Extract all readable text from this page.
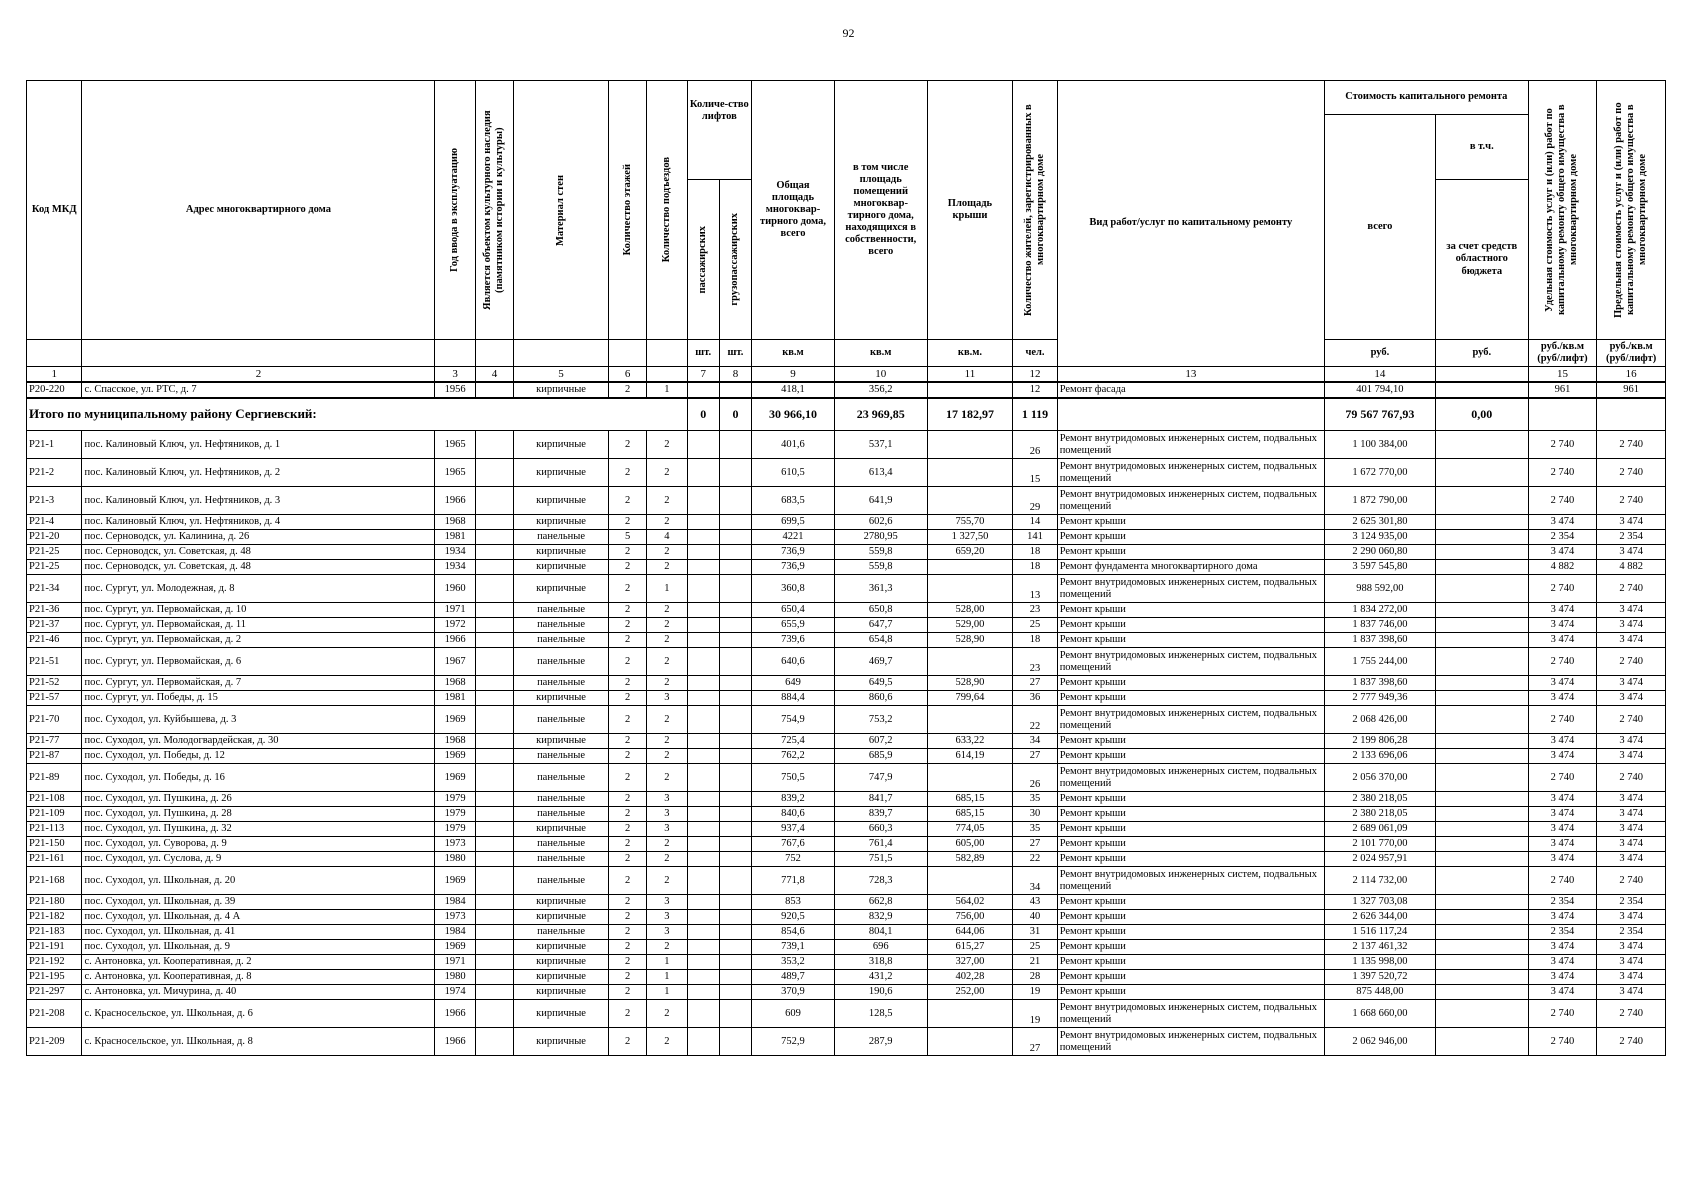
92
Код МКД	Адрес многоквартирного дома	Год ввода в эксплуатацию	Является объектом культурного наследия (памятником истории и культуры)	Материал стен	Количество этажей	Количество подъездов	Количе-ство лифтов		Общая площадь многоквар-тирного дома, всего	в том числе площадь помещений многоквар-тирного дома, находящихся в собственности, всего	Площадь крыши	Количество жителей, зарегистрированных в многоквартирном доме	Вид работ/услуг по капитальному ремонту	Стоимость капитального ремонта		Удельная стоимость услуг и (или) работ по капитальному ремонту общего имущества в многоквартирном доме	Предельная стоимость услуг и (или) работ по капитальному ремонту общего имущества в многоквартирном доме

														всего	в т.ч.		

							пассажирских	грузопассажирских							за счет средств областного бюджета		
							шт.	шт.	кв.м	кв.м	кв.м.	чел.		руб.	руб.	руб./кв.м (руб/лифт)	руб./кв.м (руб/лифт)
1	2	3	4	5	6		7	8	9	10	11	12	13	14		15	16
Р20-220	с. Спасское, ул. РТС, д. 7	1956		кирпичные	2	1			418,1	356,2		12	Ремонт фасада	401 794,10		961	961
Итого по муниципальному району Сергиевский:							0	0	30 966,10	23 969,85	17 182,97	1 119		79 567 767,93	0,00		
Р21-1	пос. Калиновый Ключ, ул. Нефтяников, д. 1	1965		кирпичные	2	2			401,6	537,1		26	Ремонт внутридомовых инженерных систем, подвальных помещений	1 100 384,00		2 740	2 740
Р21-2	пос. Калиновый Ключ, ул. Нефтяников, д. 2	1965		кирпичные	2	2			610,5	613,4		15	Ремонт внутридомовых инженерных систем, подвальных помещений	1 672 770,00		2 740	2 740
Р21-3	пос. Калиновый Ключ, ул. Нефтяников, д. 3	1966		кирпичные	2	2			683,5	641,9		29	Ремонт внутридомовых инженерных систем, подвальных помещений	1 872 790,00		2 740	2 740
Р21-4	пос. Калиновый Ключ, ул. Нефтяников, д. 4	1968		кирпичные	2	2			699,5	602,6	755,70	14	Ремонт крыши	2 625 301,80		3 474	3 474
Р21-20	пос. Серноводск, ул. Калинина, д. 26	1981		панельные	5	4			4221	2780,95	1 327,50	141	Ремонт крыши	3 124 935,00		2 354	2 354
Р21-25	пос. Серноводск, ул. Советская, д. 48	1934		кирпичные	2	2			736,9	559,8	659,20	18	Ремонт крыши	2 290 060,80		3 474	3 474
Р21-25	пос. Серноводск, ул. Советская, д. 48	1934		кирпичные	2	2			736,9	559,8		18	Ремонт фундамента многоквартирного дома	3 597 545,80		4 882	4 882
Р21-34	пос. Сургут, ул. Молодежная, д. 8	1960		кирпичные	2	1			360,8	361,3		13	Ремонт внутридомовых инженерных систем, подвальных помещений	988 592,00		2 740	2 740
Р21-36	пос. Сургут, ул. Первомайская, д. 10	1971		панельные	2	2			650,4	650,8	528,00	23	Ремонт крыши	1 834 272,00		3 474	3 474
Р21-37	пос. Сургут, ул. Первомайская, д. 11	1972		панельные	2	2			655,9	647,7	529,00	25	Ремонт крыши	1 837 746,00		3 474	3 474
Р21-46	пос. Сургут, ул. Первомайская, д. 2	1966		панельные	2	2			739,6	654,8	528,90	18	Ремонт крыши	1 837 398,60		3 474	3 474
Р21-51	пос. Сургут, ул. Первомайская, д. 6	1967		панельные	2	2			640,6	469,7		23	Ремонт внутридомовых инженерных систем, подвальных помещений	1 755 244,00		2 740	2 740
Р21-52	пос. Сургут, ул. Первомайская, д. 7	1968		панельные	2	2			649	649,5	528,90	27	Ремонт крыши	1 837 398,60		3 474	3 474
Р21-57	пос. Сургут, ул. Победы, д. 15	1981		кирпичные	2	3			884,4	860,6	799,64	36	Ремонт крыши	2 777 949,36		3 474	3 474
Р21-70	пос. Суходол, ул. Куйбышева, д. 3	1969		панельные	2	2			754,9	753,2		22	Ремонт внутридомовых инженерных систем, подвальных помещений	2 068 426,00		2 740	2 740
Р21-77	пос. Суходол, ул. Молодогвардейская, д. 30	1968		кирпичные	2	2			725,4	607,2	633,22	34	Ремонт крыши	2 199 806,28		3 474	3 474
Р21-87	пос. Суходол, ул. Победы, д. 12	1969		панельные	2	2			762,2	685,9	614,19	27	Ремонт крыши	2 133 696,06		3 474	3 474
Р21-89	пос. Суходол, ул. Победы, д. 16	1969		панельные	2	2			750,5	747,9		26	Ремонт внутридомовых инженерных систем, подвальных помещений	2 056 370,00		2 740	2 740
Р21-108	пос. Суходол, ул. Пушкина, д. 26	1979		панельные	2	3			839,2	841,7	685,15	35	Ремонт крыши	2 380 218,05		3 474	3 474
Р21-109	пос. Суходол, ул. Пушкина, д. 28	1979		панельные	2	3			840,6	839,7	685,15	30	Ремонт крыши	2 380 218,05		3 474	3 474
Р21-113	пос. Суходол, ул. Пушкина, д. 32	1979		кирпичные	2	3			937,4	660,3	774,05	35	Ремонт крыши	2 689 061,09		3 474	3 474
Р21-150	пос. Суходол, ул. Суворова, д. 9	1973		панельные	2	2			767,6	761,4	605,00	27	Ремонт крыши	2 101 770,00		3 474	3 474
Р21-161	пос. Суходол, ул. Суслова, д. 9	1980		панельные	2	2			752	751,5	582,89	22	Ремонт крыши	2 024 957,91		3 474	3 474
Р21-168	пос. Суходол, ул. Школьная, д. 20	1969		панельные	2	2			771,8	728,3		34	Ремонт внутридомовых инженерных систем, подвальных помещений	2 114 732,00		2 740	2 740
Р21-180	пос. Суходол, ул. Школьная, д. 39	1984		кирпичные	2	3			853	662,8	564,02	43	Ремонт крыши	1 327 703,08		2 354	2 354
Р21-182	пос. Суходол, ул. Школьная, д. 4 А	1973		кирпичные	2	3			920,5	832,9	756,00	40	Ремонт крыши	2 626 344,00		3 474	3 474
Р21-183	пос. Суходол, ул. Школьная, д. 41	1984		панельные	2	3			854,6	804,1	644,06	31	Ремонт крыши	1 516 117,24		2 354	2 354
Р21-191	пос. Суходол, ул. Школьная, д. 9	1969		кирпичные	2	2			739,1	696	615,27	25	Ремонт крыши	2 137 461,32		3 474	3 474
Р21-192	с. Антоновка, ул. Кооперативная, д. 2	1971		кирпичные	2	1			353,2	318,8	327,00	21	Ремонт крыши	1 135 998,00		3 474	3 474
Р21-195	с. Антоновка, ул. Кооперативная, д. 8	1980		кирпичные	2	1			489,7	431,2	402,28	28	Ремонт крыши	1 397 520,72		3 474	3 474
Р21-297	с. Антоновка, ул. Мичурина, д. 40	1974		кирпичные	2	1			370,9	190,6	252,00	19	Ремонт крыши	875 448,00		3 474	3 474
Р21-208	с. Красносельское, ул. Школьная, д. 6	1966		кирпичные	2	2			609	128,5		19	Ремонт внутридомовых инженерных систем, подвальных помещений	1 668 660,00		2 740	2 740
Р21-209	с. Красносельское, ул. Школьная, д. 8	1966		кирпичные	2	2			752,9	287,9		27	Ремонт внутридомовых инженерных систем, подвальных помещений	2 062 946,00		2 740	2 740
